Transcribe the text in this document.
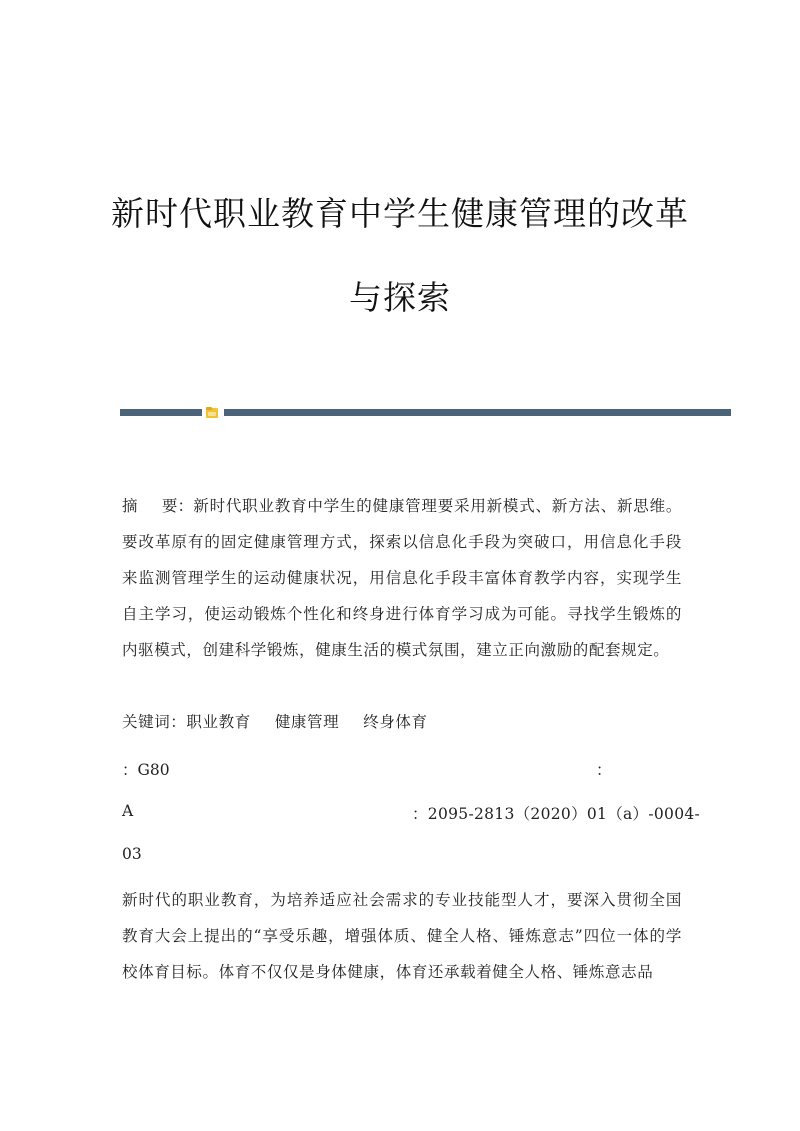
新时代职业教育中学生健康管理的改革
与探索
摘 要：新时代职业教育中学生的健康管理要采用新模式、新方法、新思维。要改革原有的固定健康管理方式，探索以信息化手段为突破口，用信息化手段来监测管理学生的运动健康状况，用信息化手段丰富体育教学内容，实现学生自主学习，使运动锻炼个性化和终身进行体育学习成为可能。寻找学生锻炼的内驱模式，创建科学锻炼，健康生活的模式氛围，建立正向激励的配套规定。
关键词：职业教育 健康管理 终身体育
：G80	：
A	：2095-2813（2020）01（a）-0004-
03
新时代的职业教育，为培养适应社会需求的专业技能型人才，要深入贯彻全国教育大会上提出的“享受乐趣，增强体质、健全人格、锤炼意志”四位一体的学校体育目标。体育不仅仅是身体健康，体育还承载着健全人格、锤炼意志品
